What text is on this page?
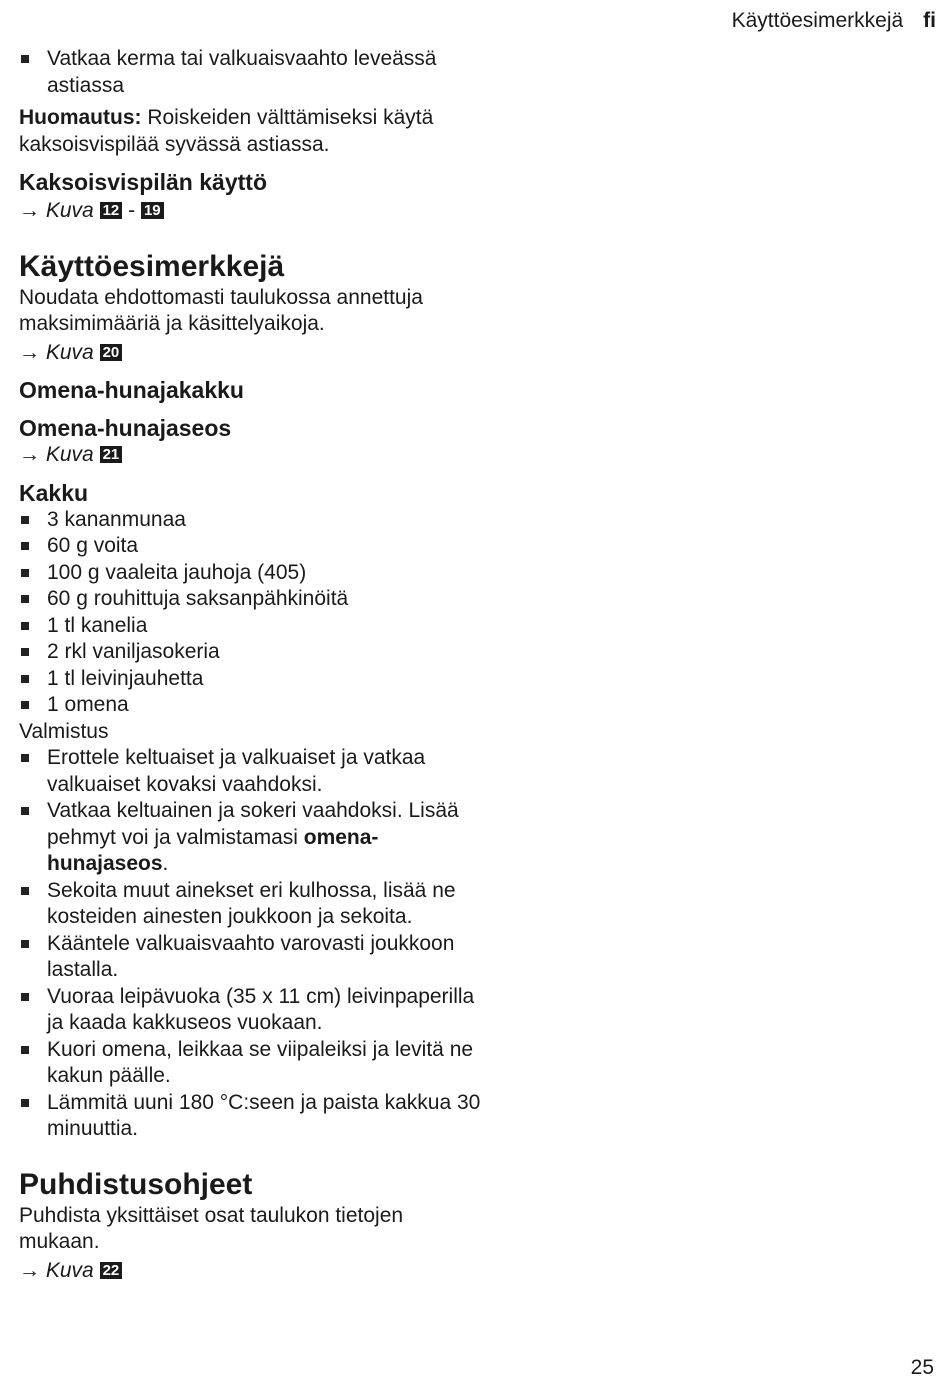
Käyttöesimerkkejä fi
Vatkaa kerma tai valkuaisvaahto leveässä astiassa
Huomautus: Roiskeiden välttämiseksi käytä kaksoisvispilää syvässä astiassa.
Kaksoisvispilän käyttö
→ Kuva 12 - 19
Käyttöesimerkkejä
Noudata ehdottomasti taulukossa annettuja maksimimääriä ja käsittelyaikoja.
→ Kuva 20
Omena-hunajakakku
Omena-hunajaseos
→ Kuva 21
Kakku
3 kananmunaa
60 g voita
100 g vaaleita jauhoja (405)
60 g rouhittuja saksanpähkinöitä
1 tl kanelia
2 rkl vaniljasokeria
1 tl leivinjauhetta
1 omena
Valmistus
Erottele keltuaiset ja valkuaiset ja vatkaa valkuaiset kovaksi vaahdoksi.
Vatkaa keltuainen ja sokeri vaahdoksi. Lisää pehmyt voi ja valmistamasi omena-hunajaseos.
Sekoita muut ainekset eri kulhossa, lisää ne kosteiden ainesten joukkoon ja sekoita.
Kääntele valkuaisvaahto varovasti joukkoon lastalla.
Vuoraa leipävuoka (35 x 11 cm) leivinpaperilla ja kaada kakkuseos vuokaan.
Kuori omena, leikkaa se viipaleiksi ja levitä ne kakun päälle.
Lämmitä uuni 180 °C:seen ja paista kakkua 30 minuuttia.
Puhdistusohjeet
Puhdista yksittäiset osat taulukon tietojen mukaan.
→ Kuva 22
25
